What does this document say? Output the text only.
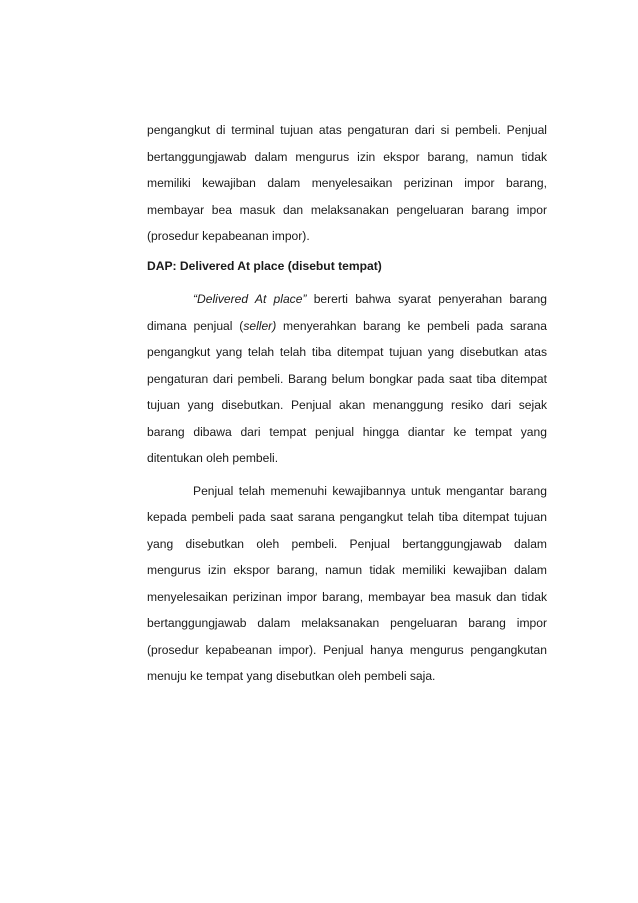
pengangkut di terminal tujuan atas pengaturan dari si pembeli. Penjual
bertanggungjawab dalam mengurus izin ekspor barang, namun tidak
memiliki kewajiban dalam menyelesaikan perizinan impor barang,
membayar bea masuk dan melaksanakan pengeluaran barang impor
(prosedur kepabeanan impor).
DAP: Delivered At place (disebut tempat)
“Delivered At place” bererti bahwa syarat penyerahan barang
dimana penjual (seller) menyerahkan barang ke pembeli pada sarana
pengangkut yang telah telah tiba ditempat tujuan yang disebutkan atas
pengaturan dari pembeli. Barang belum bongkar pada saat tiba ditempat
tujuan yang disebutkan. Penjual akan menanggung resiko dari sejak
barang dibawa dari tempat penjual hingga diantar ke tempat yang
ditentukan oleh pembeli.
Penjual telah memenuhi kewajibannya untuk mengantar barang
kepada pembeli pada saat sarana pengangkut telah tiba ditempat tujuan
yang disebutkan oleh pembeli. Penjual bertanggungjawab dalam
mengurus izin ekspor barang, namun tidak memiliki kewajiban dalam
menyelesaikan perizinan impor barang, membayar bea masuk dan tidak
bertanggungjawab dalam melaksanakan pengeluaran barang impor
(prosedur kepabeanan impor). Penjual hanya mengurus pengangkutan
menuju ke tempat yang disebutkan oleh pembeli saja.
